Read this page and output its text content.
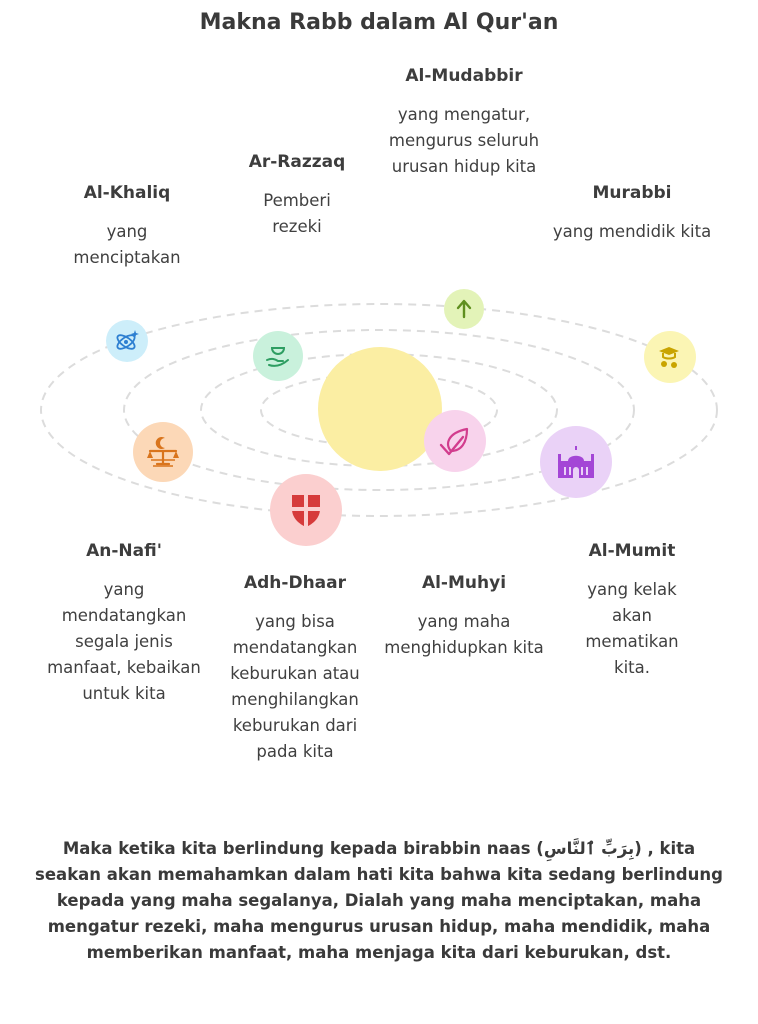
Makna Rabb dalam Al Qur'an
Al-Mudabbir
yang mengatur, mengurus seluruh urusan hidup kita
Ar-Razzaq
Pemberi rezeki
Al-Khaliq
yang menciptakan
Murabbi
yang mendidik kita
An-Nafi'
yang mendatangkan segala jenis manfaat, kebaikan untuk kita
Adh-Dhaar
yang bisa mendatangkan keburukan atau menghilangkan keburukan dari pada kita
Al-Muhyi
yang maha menghidupkan kita
Al-Mumit
yang kelak akan mematikan kita.
Maka ketika kita berlindung kepada birabbin naas (بِرَبِّ ٱلنَّاسِ) , kita seakan akan memahamkan dalam hati kita bahwa kita sedang berlindung kepada yang maha segalanya, Dialah yang maha menciptakan, maha mengatur rezeki, maha mengurus urusan hidup, maha mendidik, maha memberikan manfaat, maha menjaga kita dari keburukan, dst.
